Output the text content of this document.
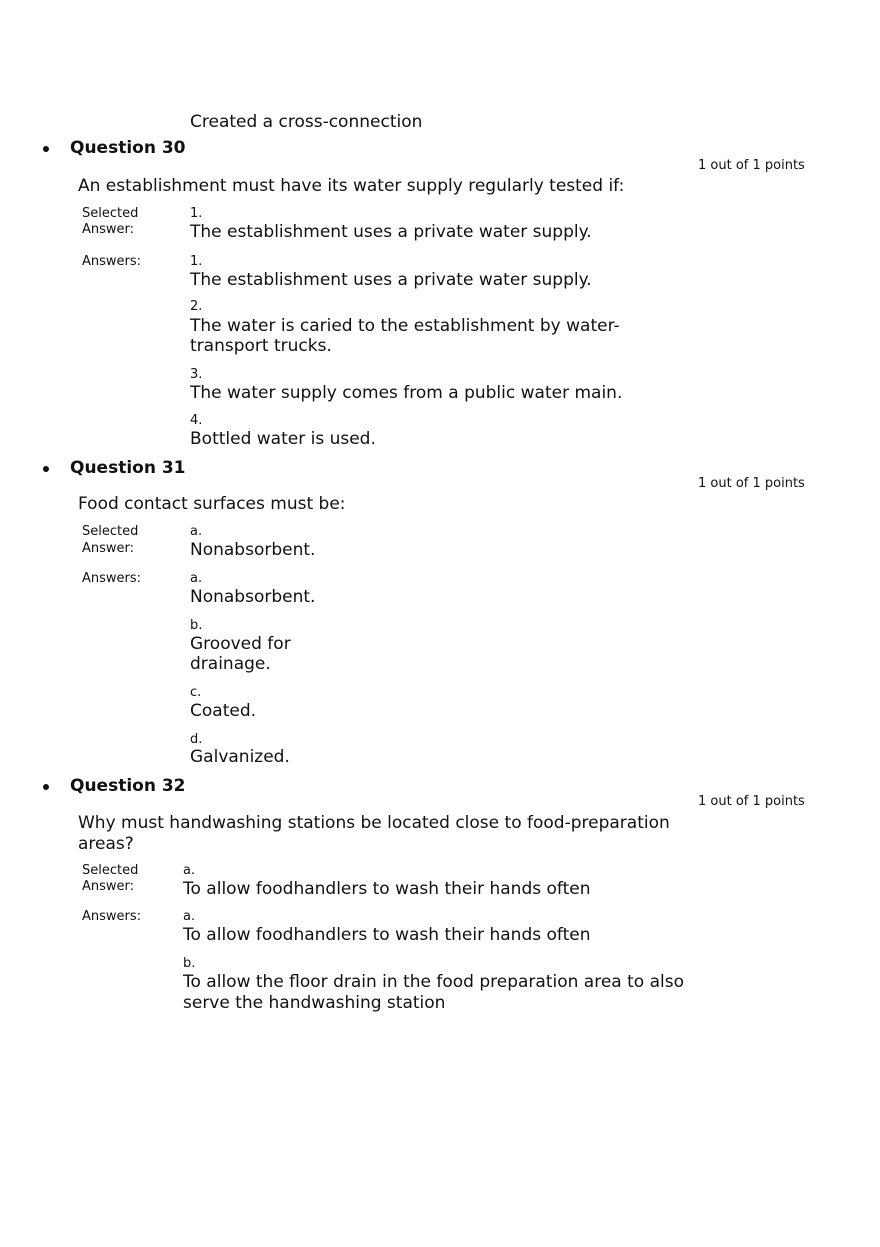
Created a cross-connection
Question 30
1 out of 1 points
An establishment must have its water supply regularly tested if:
Selected
Answer:
1.
The establishment uses a private water supply.
Answers:	1.
The establishment uses a private water supply.
2.
The water is caried to the establishment by water-
transport trucks.
3.
The water supply comes from a public water main.
4.
Bottled water is used.
Question 31
1 out of 1 points
Food contact surfaces must be:
Selected
Answer:
a.
Nonabsorbent.
Answers:	a.
Nonabsorbent.
b.
Grooved for
drainage.
c.
Coated.
d.
Galvanized.
Question 32
1 out of 1 points
Why must handwashing stations be located close to food-preparation
areas?
Selected
Answer:
a.
To allow foodhandlers to wash their hands often
Answers:	a.
To allow foodhandlers to wash their hands often
b.
To allow the floor drain in the food preparation area to also
serve the handwashing station
